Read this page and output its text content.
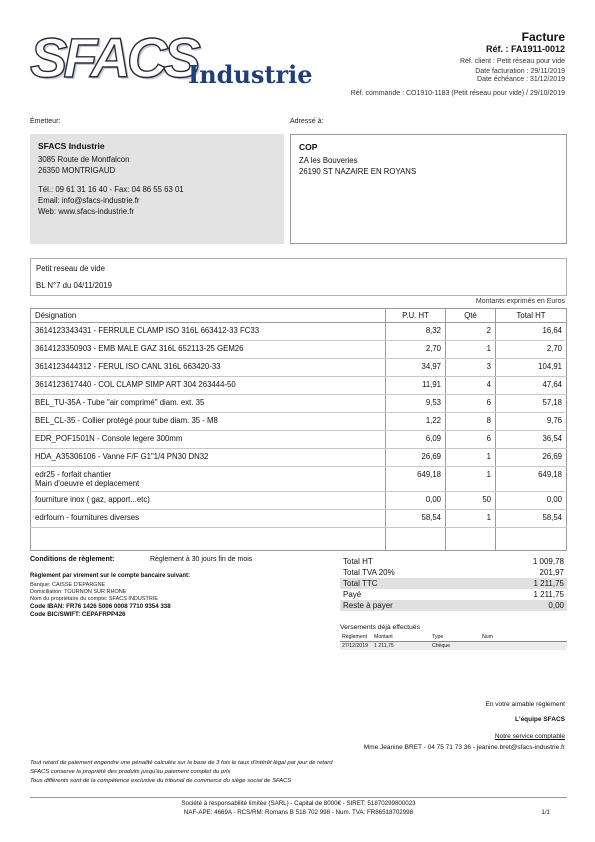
SFACS
Industrie
Facture
Réf. : FA1911-0012
Réf. client : Petit réseau pour vide
Date facturation : 29/11/2019
Date échéance : 31/12/2019
Réf. commande : CO1910-1183 (Petit réseau pour vide) / 29/10/2019
Émetteur:
SFACS Industrie
3085 Route de Montfalcon
26350 MONTRIGAUD
Tél.: 09 61 31 16 40 - Fax: 04 86 55 63 01
Email: info@sfacs-industrie.fr
Web: www.sfacs-industrie.fr
Adressé à:
COP
ZA les Bouveries
26190 ST NAZAIRE EN ROYANS
Petit reseau de vide
BL N°7 du 04/11/2019
Montants exprimés en Euros
Désignation	P.U. HT	Qté	Total HT

3614123343431 - FERRULE CLAMP ISO 316L 663412-33 FC33	8,32	2	16,64

3614123350903 - EMB MALE GAZ 316L 652113-25 GEM26	2,70	1	2,70

3614123444312 - FERUL ISO CANL 316L 663420-33	34,97	3	104,91

3614123617440 - COL CLAMP SIMP ART 304 263444-50	11,91	4	47,64

BEL_TU-35A - Tube "air comprimé" diam. ext. 35	9,53	6	57,18

BEL_CL-35 - Collier protégé pour tube diam. 35 - M8	1,22	8	9,76

EDR_POF1501N - Console legere 300mm	6,09	6	36,54

HDA_A35306106 - Vanne F/F G1"1/4 PN30 DN32	26,69	1	26,69

edr25 - forfait chantier
Main d'oeuvre et deplacement	649,18	1	649,18

fourniture inox ( gaz, apport...etc)	0,00	50	0,00

edrfourn - fournitures diverses	58,54	1	58,54

Conditions de règlement:	Règlement à 30 jours fin de mois
Règlement par virement sur le compte bancaire suivant:
Banque: CAISSE D'EPARGNE
Domiciliation: TOURNON SUR RHONE
Nom du propriétaire du compte: SFACS INDUSTRIE
Code IBAN: FR76 1426 5006 0008 7710 9354 338
Code BIC/SWIFT: CEPAFRPP426
Total HT	1 009,78
Total TVA 20%	201,97
Total TTC	1 211,75
Payé	1 211,75
Reste à payer	0,00
Versements déjà effectués
Règlement	Montant	Type	Num
27/12/2019	1 211,75	Chèque	
En votre aimable règlement
L'équipe SFACS
Notre service comptable
Mme Jeanine BRET - 04 75 71 73 36 - jeanine.bret@sfacs-industrie.fr
Tout retard de paiement engendre une pénalité calculée sur la base de 3 fois le taux d'intérêt légal par jour de retard
SFACS conserve la propriété des produits jusqu'au paiement complet du prix
Tous différents sont de la compétence exclusive du tribunal de commerce du siège social de SFACS
Société à responsabilité limitée (SARL) - Capital de 8000€ - SIRET: 51870299800023
NAF-APE: 4669A - RCS/RM: Romans B 518 702 998 - Num. TVA: FR86518702998	1/1
